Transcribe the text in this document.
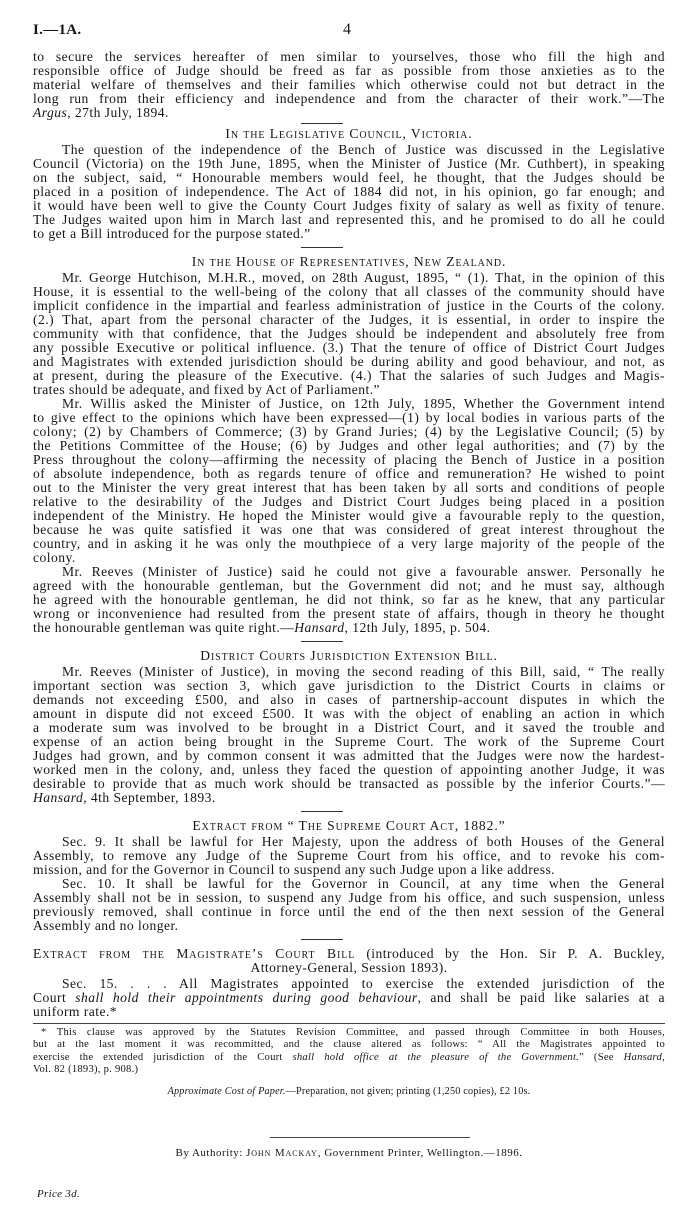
I.—1A.	4
to secure the services hereafter of men similar to yourselves, those who fill the high and
responsible office of Judge should be freed as far as possible from those anxieties as to the
material welfare of themselves and their families which otherwise could not but detract in the
long run from their efficiency and independence and from the character of their work.”—The
Argus, 27th July, 1894.
In the Legislative Council, Victoria.
The question of the independence of the Bench of Justice was discussed in the Legislative
Council (Victoria) on the 19th June, 1895, when the Minister of Justice (Mr. Cuthbert), in speaking
on the subject, said, “ Honourable members would feel, he thought, that the Judges should be
placed in a position of independence. The Act of 1884 did not, in his opinion, go far enough; and
it would have been well to give the County Court Judges fixity of salary as well as fixity of tenure.
The Judges waited upon him in March last and represented this, and he promised to do all he could
to get a Bill introduced for the purpose stated.”
In the House of Representatives, New Zealand.
Mr. George Hutchison, M.H.R., moved, on 28th August, 1895, “ (1). That, in the opinion of this
House, it is essential to the well-being of the colony that all classes of the community should have
implicit confidence in the impartial and fearless administration of justice in the Courts of the colony.
(2.) That, apart from the personal character of the Judges, it is essential, in order to inspire the
community with that confidence, that the Judges should be independent and absolutely free from
any possible Executive or political influence. (3.) That the tenure of office of District Court Judges
and Magistrates with extended jurisdiction should be during ability and good behaviour, and not, as
at present, during the pleasure of the Executive. (4.) That the salaries of such Judges and Magis-
trates should be adequate, and fixed by Act of Parliament.”
Mr. Willis asked the Minister of Justice, on 12th July, 1895, Whether the Government intend
to give effect to the opinions which have been expressed—(1) by local bodies in various parts of the
colony; (2) by Chambers of Commerce; (3) by Grand Juries; (4) by the Legislative Council; (5) by
the Petitions Committee of the House; (6) by Judges and other legal authorities; and (7) by the
Press throughout the colony—affirming the necessity of placing the Bench of Justice in a position
of absolute independence, both as regards tenure of office and remuneration? He wished to point
out to the Minister the very great interest that has been taken by all sorts and conditions of people
relative to the desirability of the Judges and District Court Judges being placed in a position
independent of the Ministry. He hoped the Minister would give a favourable reply to the question,
because he was quite satisfied it was one that was considered of great interest throughout the
country, and in asking it he was only the mouthpiece of a very large majority of the people of the
colony.
Mr. Reeves (Minister of Justice) said he could not give a favourable answer. Personally he
agreed with the honourable gentleman, but the Government did not; and he must say, although
he agreed with the honourable gentleman, he did not think, so far as he knew, that any particular
wrong or inconvenience had resulted from the present state of affairs, though in theory he thought
the honourable gentleman was quite right.—Hansard, 12th July, 1895, p. 504.
District Courts Jurisdiction Extension Bill.
Mr. Reeves (Minister of Justice), in moving the second reading of this Bill, said, “ The really
important section was section 3, which gave jurisdiction to the District Courts in claims or
demands not exceeding £500, and also in cases of partnership-account disputes in which the
amount in dispute did not exceed £500. It was with the object of enabling an action in which
a moderate sum was involved to be brought in a District Court, and it saved the trouble and
expense of an action being brought in the Supreme Court. The work of the Supreme Court
Judges had grown, and by common consent it was admitted that the Judges were now the hardest-
worked men in the colony, and, unless they faced the question of appointing another Judge, it was
desirable to provide that as much work should be transacted as possible by the inferior Courts.”—
Hansard, 4th September, 1893.
Extract from “ The Supreme Court Act, 1882.”
Sec. 9. It shall be lawful for Her Majesty, upon the address of both Houses of the General
Assembly, to remove any Judge of the Supreme Court from his office, and to revoke his com-
mission, and for the Governor in Council to suspend any such Judge upon a like address.
Sec. 10. It shall be lawful for the Governor in Council, at any time when the General
Assembly shall not be in session, to suspend any Judge from his office, and such suspension, unless
previously removed, shall continue in force until the end of the then next session of the General
Assembly and no longer.
Extract from the Magistrate’s Court Bill (introduced by the Hon. Sir P. A. Buckley,
Attorney-General, Session 1893).
Sec. 15. . . . All Magistrates appointed to exercise the extended jurisdiction of the
Court shall hold their appointments during good behaviour, and shall be paid like salaries at a
uniform rate.*
* This clause was approved by the Statutes Revision Committee, and passed through Committee in both Houses,
but at the last moment it was recommitted, and the clause altered as follows: “ All the Magistrates appointed to
exercise the extended jurisdiction of the Court shall hold office at the pleasure of the Government.” (See Hansard,
Vol. 82 (1893), p. 908.)
Approximate Cost of Paper.—Preparation, not given; printing (1,250 copies), £2 10s.
By Authority: John Mackay, Government Printer, Wellington.—1896.
Price 3d.
